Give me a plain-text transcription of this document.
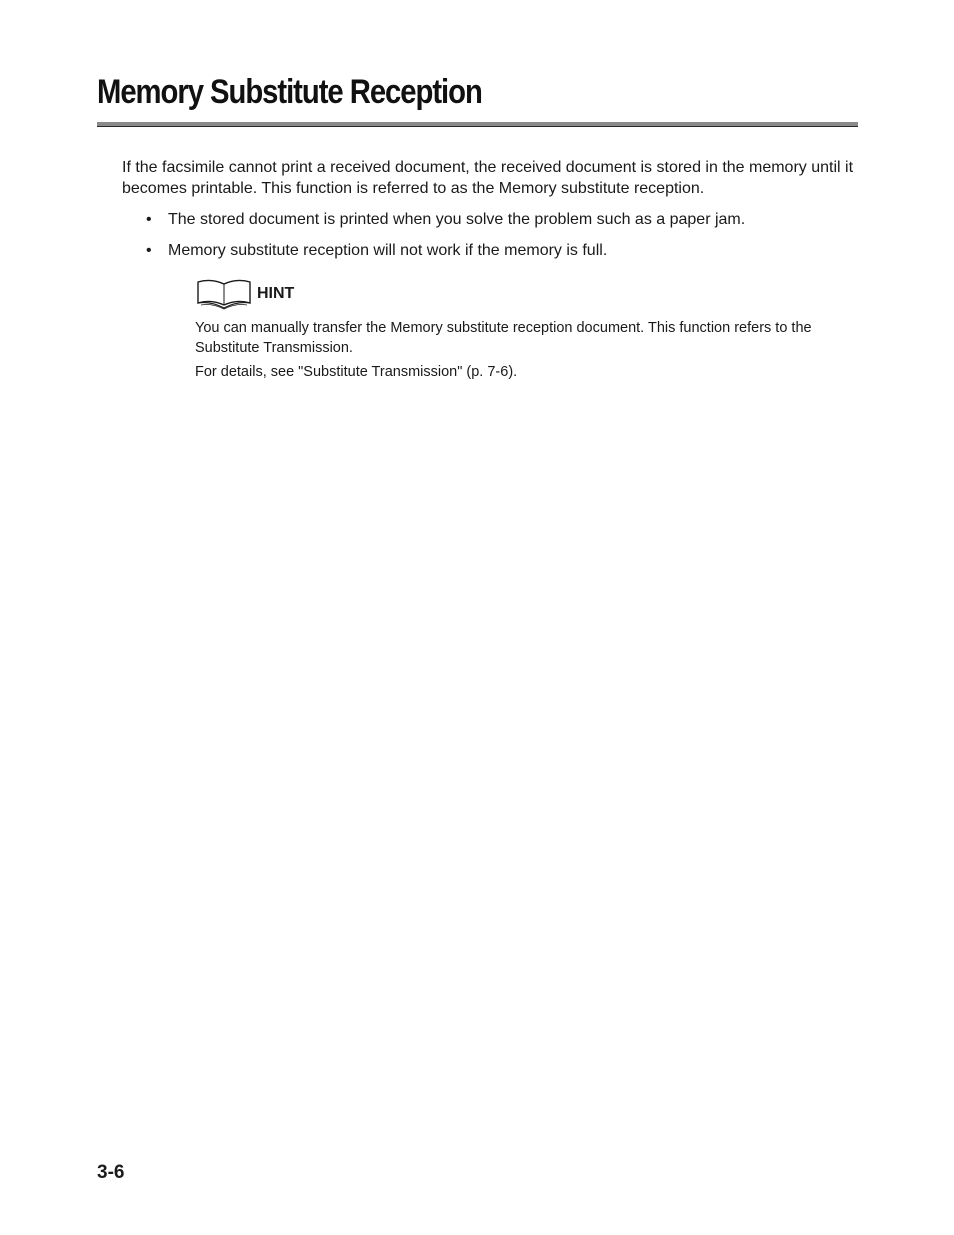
Memory Substitute Reception

If the facsimile cannot print a received document, the received document is stored in the memory until it becomes printable. This function is referred to as the Memory substitute reception.

• The stored document is printed when you solve the problem such as a paper jam.
• Memory substitute reception will not work if the memory is full.
HINT

You can manually transfer the Memory substitute reception document. This function refers to the Substitute Transmission.

For details, see "Substitute Transmission" (p. 7-6).

3-6
